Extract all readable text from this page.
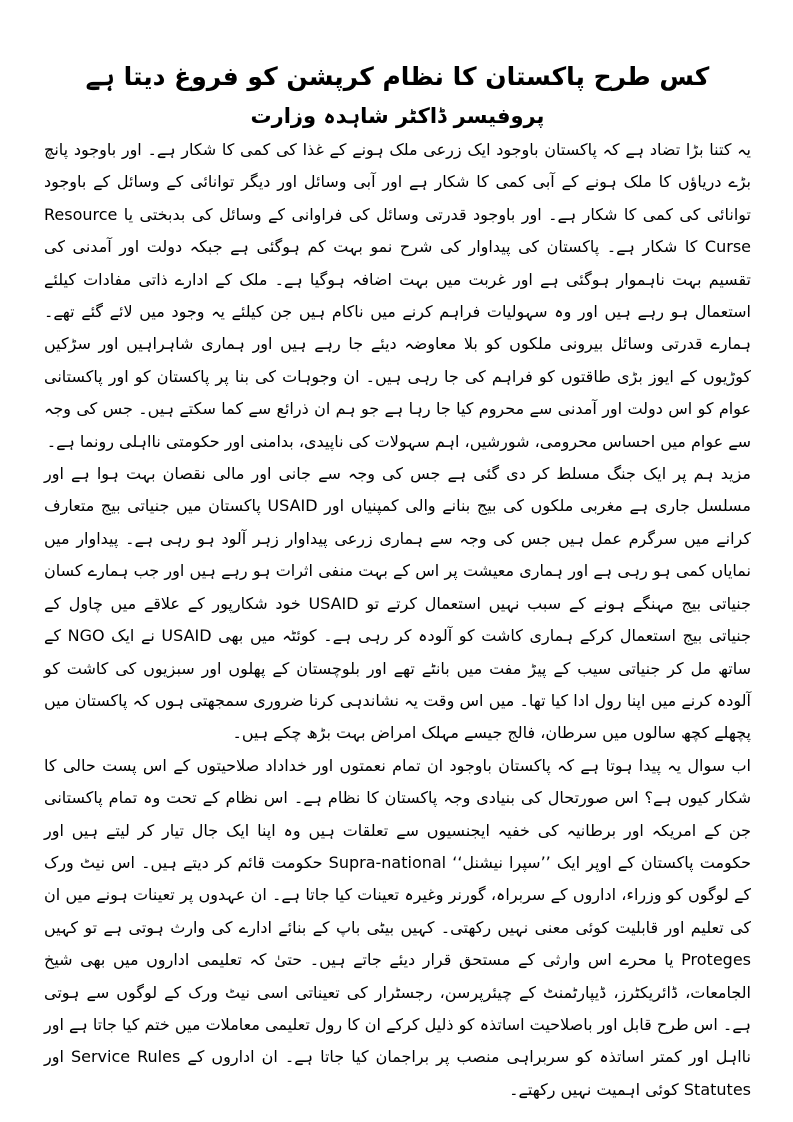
کس طرح پاکستان کا نظام کرپشن کو فروغ دیتا ہے
پروفیسر ڈاکٹر شاہدہ وزارت

یہ کتنا بڑا تضاد ہے کہ پاکستان باوجود ایک زرعی ملک ہونے کے غذا کی کمی کا شکار ہے۔ اور باوجود پانچ بڑے دریاؤں کا ملک ہونے کے آبی کمی کا شکار ہے اور آبی وسائل اور دیگر توانائی کے وسائل کے باوجود توانائی کی کمی کا شکار ہے۔ اور باوجود قدرتی وسائل کی فراوانی کے وسائل کی بدبختی یا Resource Curse کا شکار ہے۔ پاکستان کی پیداوار کی شرح نمو بہت کم ہوگئی ہے جبکہ دولت اور آمدنی کی تقسیم بہت ناہموار ہوگئی ہے اور غربت میں بہت اضافہ ہوگیا ہے۔ ملک کے ادارے ذاتی مفادات کیلئے استعمال ہو رہے ہیں اور وہ سہولیات فراہم کرنے میں ناکام ہیں جن کیلئے یہ وجود میں لائے گئے تھے۔ ہمارے قدرتی وسائل بیرونی ملکوں کو بلا معاوضہ دیئے جا رہے ہیں اور ہماری شاہراہیں اور سڑکیں کوڑیوں کے ایوز بڑی طاقتوں کو فراہم کی جا رہی ہیں۔ ان وجوہات کی بنا پر پاکستان کو اور پاکستانی عوام کو اس دولت اور آمدنی سے محروم کیا جا رہا ہے جو ہم ان ذرائع سے کما سکتے ہیں۔ جس کی وجہ سے عوام میں احساس محرومی، شورشیں، اہم سہولات کی ناپیدی، بدامنی اور حکومتی نااہلی رونما ہے۔

مزید ہم پر ایک جنگ مسلط کر دی گئی ہے جس کی وجہ سے جانی اور مالی نقصان بہت ہوا ہے اور مسلسل جاری ہے مغربی ملکوں کی بیج بنانے والی کمپنیاں اور USAID پاکستان میں جنیاتی بیج متعارف کرانے میں سرگرم عمل ہیں جس کی وجہ سے ہماری زرعی پیداوار زہر آلود ہو رہی ہے۔ پیداوار میں نمایاں کمی ہو رہی ہے اور ہماری معیشت پر اس کے بہت منفی اثرات ہو رہے ہیں اور جب ہمارے کسان جنیاتی بیج مہنگے ہونے کے سبب نہیں استعمال کرتے تو USAID خود شکارپور کے علاقے میں چاول کے جنیاتی بیج استعمال کرکے ہماری کاشت کو آلودہ کر رہی ہے۔ کوئٹہ میں بھی USAID نے ایک NGO کے ساتھ مل کر جنیاتی سیب کے پیڑ مفت میں بانٹے تھے اور بلوچستان کے پھلوں اور سبزیوں کی کاشت کو آلودہ کرنے میں اپنا رول ادا کیا تھا۔ میں اس وقت یہ نشاندہی کرنا ضروری سمجھتی ہوں کہ پاکستان میں پچھلے کچھ سالوں میں سرطان، فالج جیسے مہلک امراض بہت بڑھ چکے ہیں۔

اب سوال یہ پیدا ہوتا ہے کہ پاکستان باوجود ان تمام نعمتوں اور خداداد صلاحیتوں کے اس پست حالی کا شکار کیوں ہے؟ اس صورتحال کی بنیادی وجہ پاکستان کا نظام ہے۔ اس نظام کے تحت وہ تمام پاکستانی جن کے امریکہ اور برطانیہ کی خفیہ ایجنسیوں سے تعلقات ہیں وہ اپنا ایک جال تیار کر لیتے ہیں اور حکومت پاکستان کے اوپر ایک ’’سپرا نیشنل‘‘ Supra-national حکومت قائم کر دیتے ہیں۔ اس نیٹ ورک کے لوگوں کو وزراء، اداروں کے سربراہ، گورنر وغیرہ تعینات کیا جاتا ہے۔ ان عہدوں پر تعینات ہونے میں ان کی تعلیم اور قابلیت کوئی معنی نہیں رکھتی۔ کہیں بیٹی باپ کے بنائے ادارے کی وارث ہوتی ہے تو کہیں Proteges یا محرے اس وارثی کے مستحق قرار دیئے جاتے ہیں۔ حتیٰ کہ تعلیمی اداروں میں بھی شیخ الجامعات، ڈائریکٹرز، ڈیپارٹمنٹ کے چیئرپرسن، رجسٹرار کی تعیناتی اسی نیٹ ورک کے لوگوں سے ہوتی ہے۔ اس طرح قابل اور باصلاحیت اساتذہ کو ذلیل کرکے ان کا رول تعلیمی معاملات میں ختم کیا جاتا ہے اور نااہل اور کمتر اساتذہ کو سربراہی منصب پر براجمان کیا جاتا ہے۔ ان اداروں کے Service Rules اور Statutes کوئی اہمیت نہیں رکھتے۔
